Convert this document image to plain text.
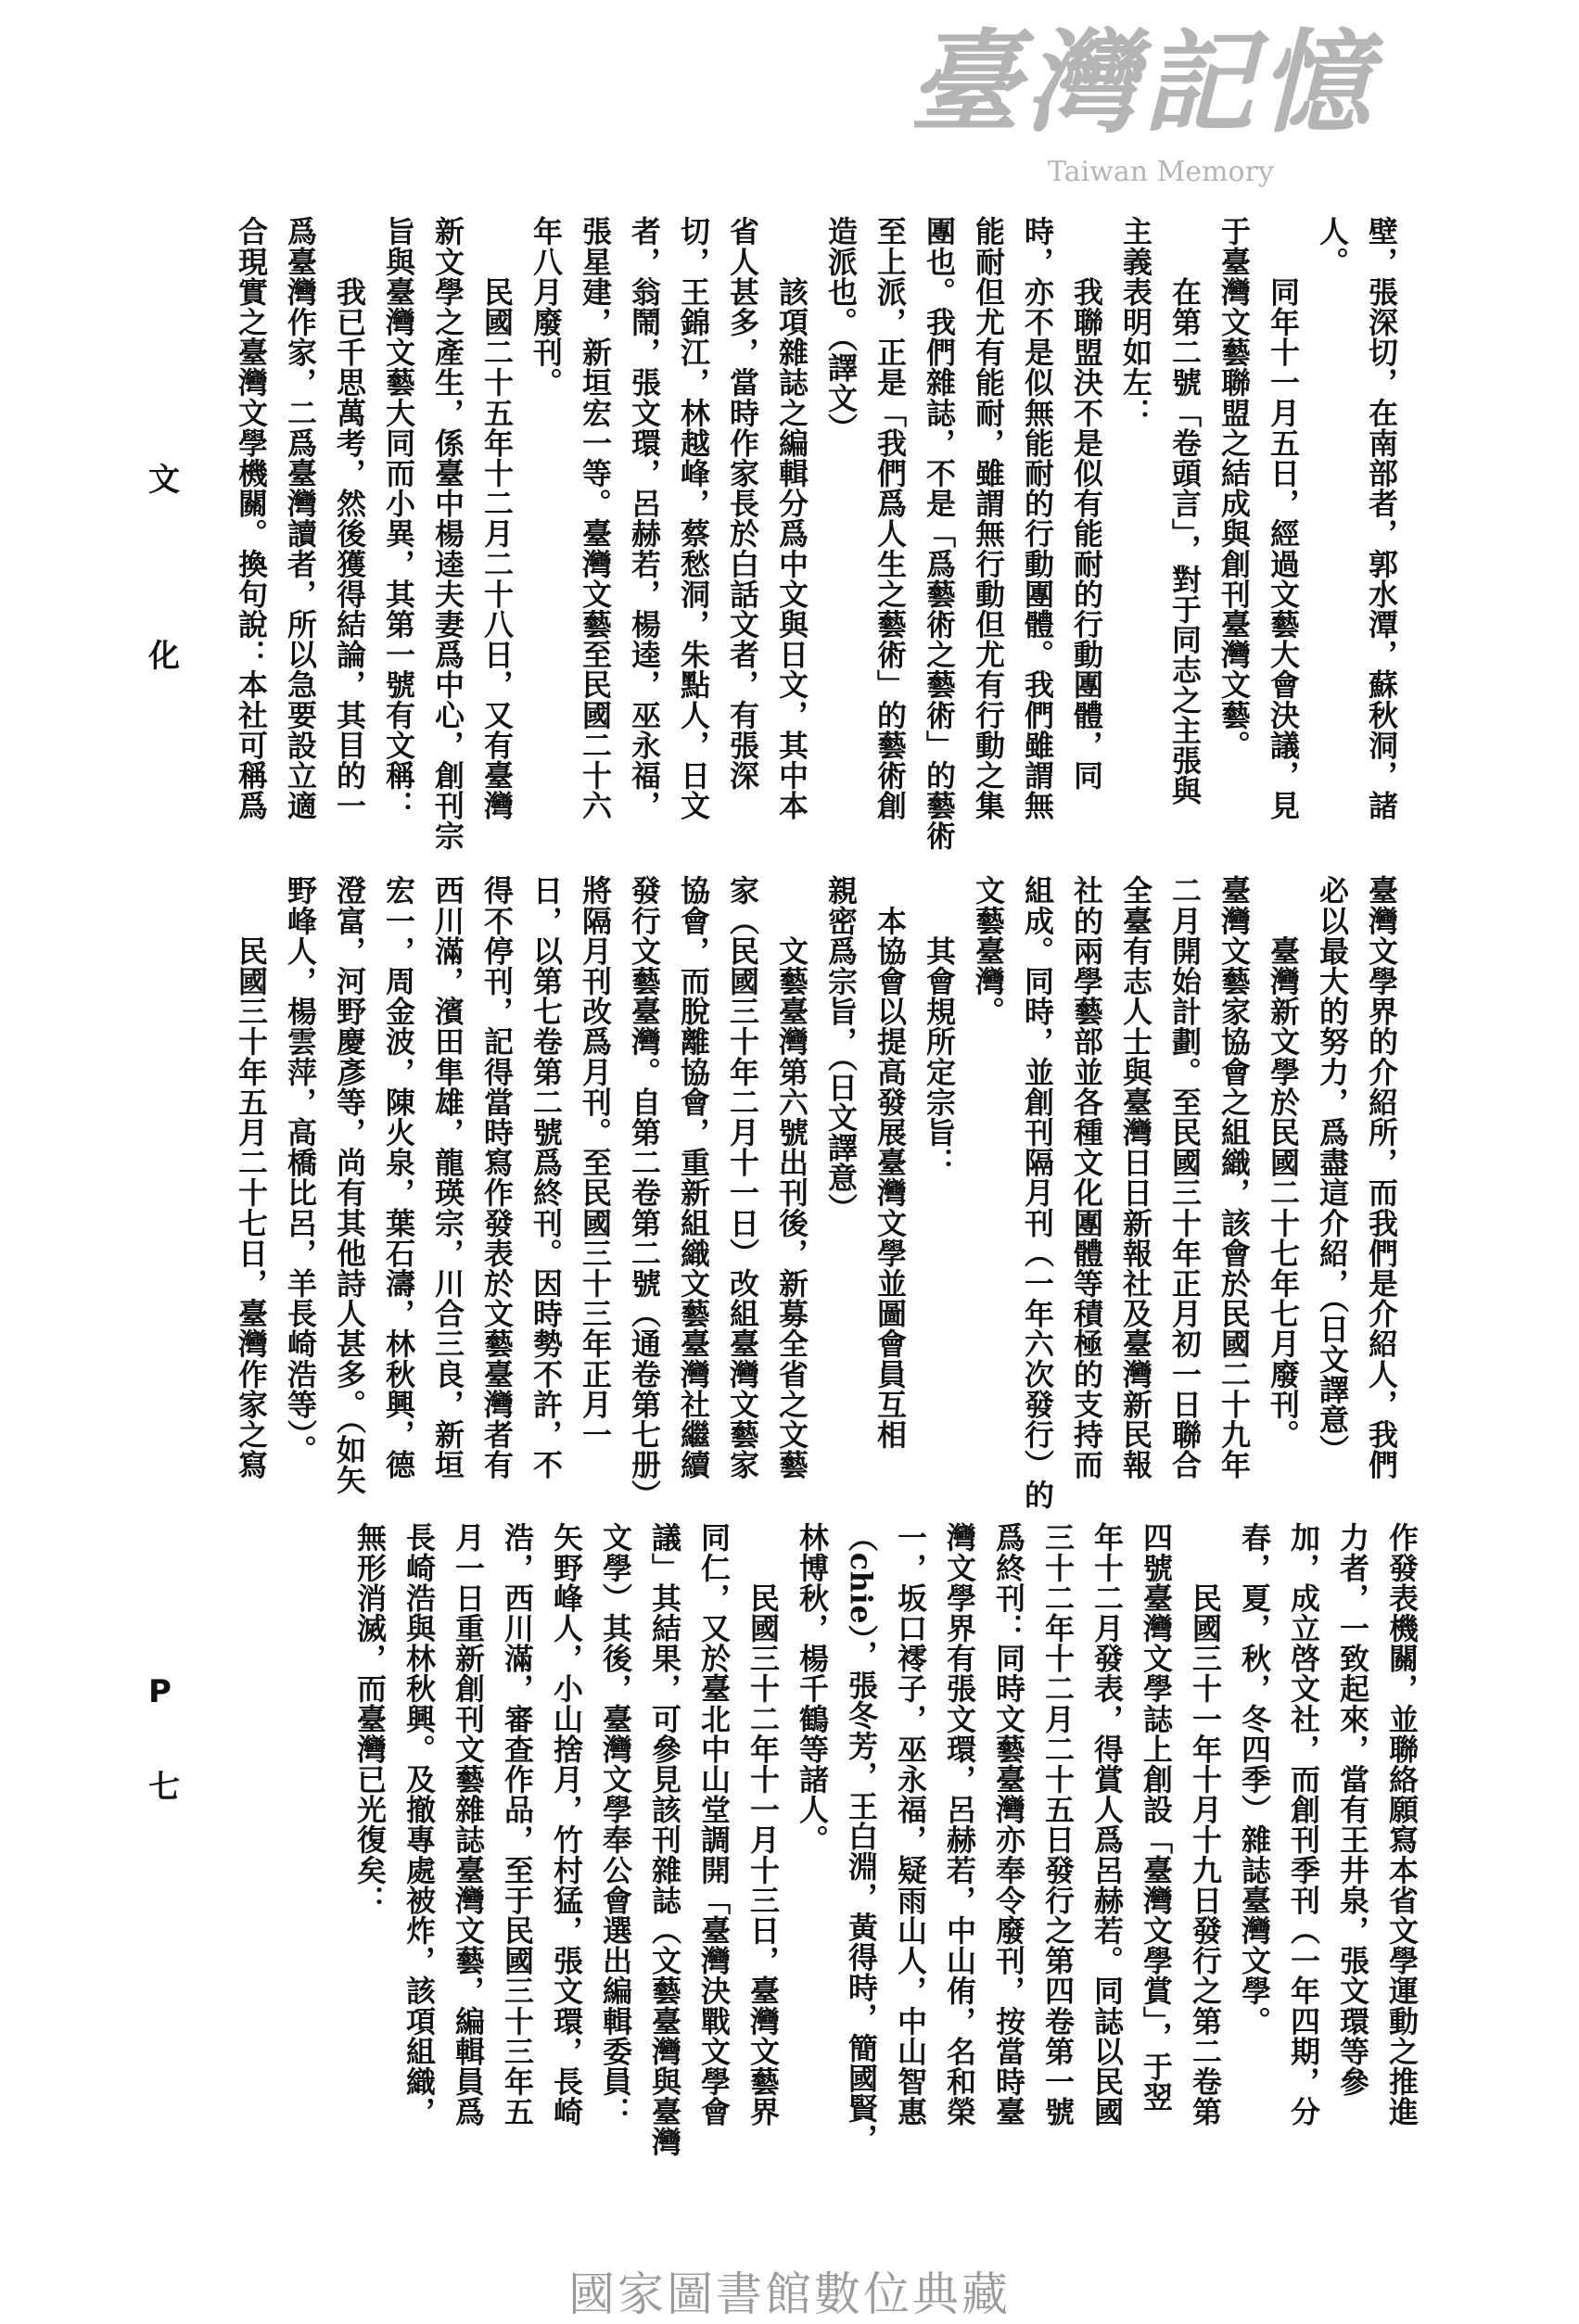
文
化
P
七
壁，張深切，在南部者，郭水潭，蘇秋洞，諸
人。
　　同年十一月五日，經過文藝大會決議，見
于臺灣文藝聯盟之結成與創刊臺灣文藝。
　　在第二號「卷頭言」，對于同志之主張與
主義表明如左：
　　我聯盟決不是似有能耐的行動團體，同
時，亦不是似無能耐的行動團體。我們雖謂無
能耐但尤有能耐，雖謂無行動但尤有行動之集
團也。我們雜誌，不是「爲藝術之藝術」的藝術
至上派，正是「我們爲人生之藝術」的藝術創
造派也。（譯文）
　　該項雜誌之編輯分爲中文與日文，其中本
省人甚多，當時作家長於白話文者，有張深
切，王錦江，林越峰，蔡愁洞，朱點人，日文
者，翁鬧，張文環，呂赫若，楊逵，巫永福，
張星建，新垣宏一等。臺灣文藝至民國二十六
年八月廢刊。
　　民國二十五年十二月二十八日，又有臺灣
新文學之產生，係臺中楊逵夫妻爲中心，創刊宗
旨與臺灣文藝大同而小異，其第一號有文稱：
　　我已千思萬考，然後獲得結論，其目的一
爲臺灣作家，二爲臺灣讀者，所以急要設立適
合現實之臺灣文學機關。換句說：本社可稱爲
臺灣文學界的介紹所，而我們是介紹人，我們
必以最大的努力，爲盡這介紹，（日文譯意）
　　臺灣新文學於民國二十七年七月廢刊。
臺灣文藝家協會之組織，該會於民國二十九年
二月開始計劃。至民國三十年正月初一日聯合
全臺有志人士與臺灣日日新報社及臺灣新民報
社的兩學藝部並各種文化團體等積極的支持而
組成。同時，並創刊隔月刊（一年六次發行）的
文藝臺灣。
　　其會規所定宗旨：
　本協會以提高發展臺灣文學並圖會員互相
親密爲宗旨，（日文譯意）
　　文藝臺灣第六號出刊後，新募全省之文藝
家（民國三十年二月十一日）改組臺灣文藝家
協會，而脫離協會，重新組織文藝臺灣社繼續
發行文藝臺灣。自第二卷第二號（通卷第七册）
將隔月刊改爲月刊。至民國三十三年正月一
日，以第七卷第二號爲終刊。因時勢不許，不
得不停刊，記得當時寫作發表於文藝臺灣者有
西川滿，濱田隼雄，龍瑛宗，川合三良，新垣
宏一，周金波，陳火泉，葉石濤，林秋興，德
澄富，河野慶彥等，尚有其他詩人甚多。（如矢
野峰人，楊雲萍，高橋比呂，羊長崎浩等）。
　　民國三十年五月二十七日，臺灣作家之寫
作發表機關，並聯絡願寫本省文學運動之推進
力者，一致起來，當有王井泉，張文環等參
加，成立啓文社，而創刊季刊（一年四期，分
春，夏，秋，冬四季）雜誌臺灣文學。
　　民國三十一年十月十九日發行之第二卷第
四號臺灣文學誌上創設「臺灣文學賞」，于翌
年十二月發表，得賞人爲呂赫若。同誌以民國
三十二年十二月二十五日發行之第四卷第一號
爲終刊：同時文藝臺灣亦奉令廢刊，按當時臺
灣文學界有張文環，呂赫若，中山侑，名和榮
一，坂口䙥子，巫永福，疑雨山人，中山智惠
（chie），張冬芳，王白淵，黃得時，簡國賢，
林博秋，楊千鶴等諸人。
　　民國三十二年十一月十三日，臺灣文藝界
同仁，又於臺北中山堂調開「臺灣決戰文學會
議」其結果，可參見該刊雜誌（文藝臺灣與臺灣
文學）其後，臺灣文學奉公會選出編輯委員：
矢野峰人，小山捨月，竹村猛，張文環，長崎
浩，西川滿，審查作品，至于民國三十三年五
月一日重新創刊文藝雜誌臺灣文藝，編輯員爲
長崎浩與林秋興。及撤專處被炸，該項組織，
無形消滅，而臺灣已光復矣：
臺灣記憶
Taiwan Memory
國家圖書館數位典藏
